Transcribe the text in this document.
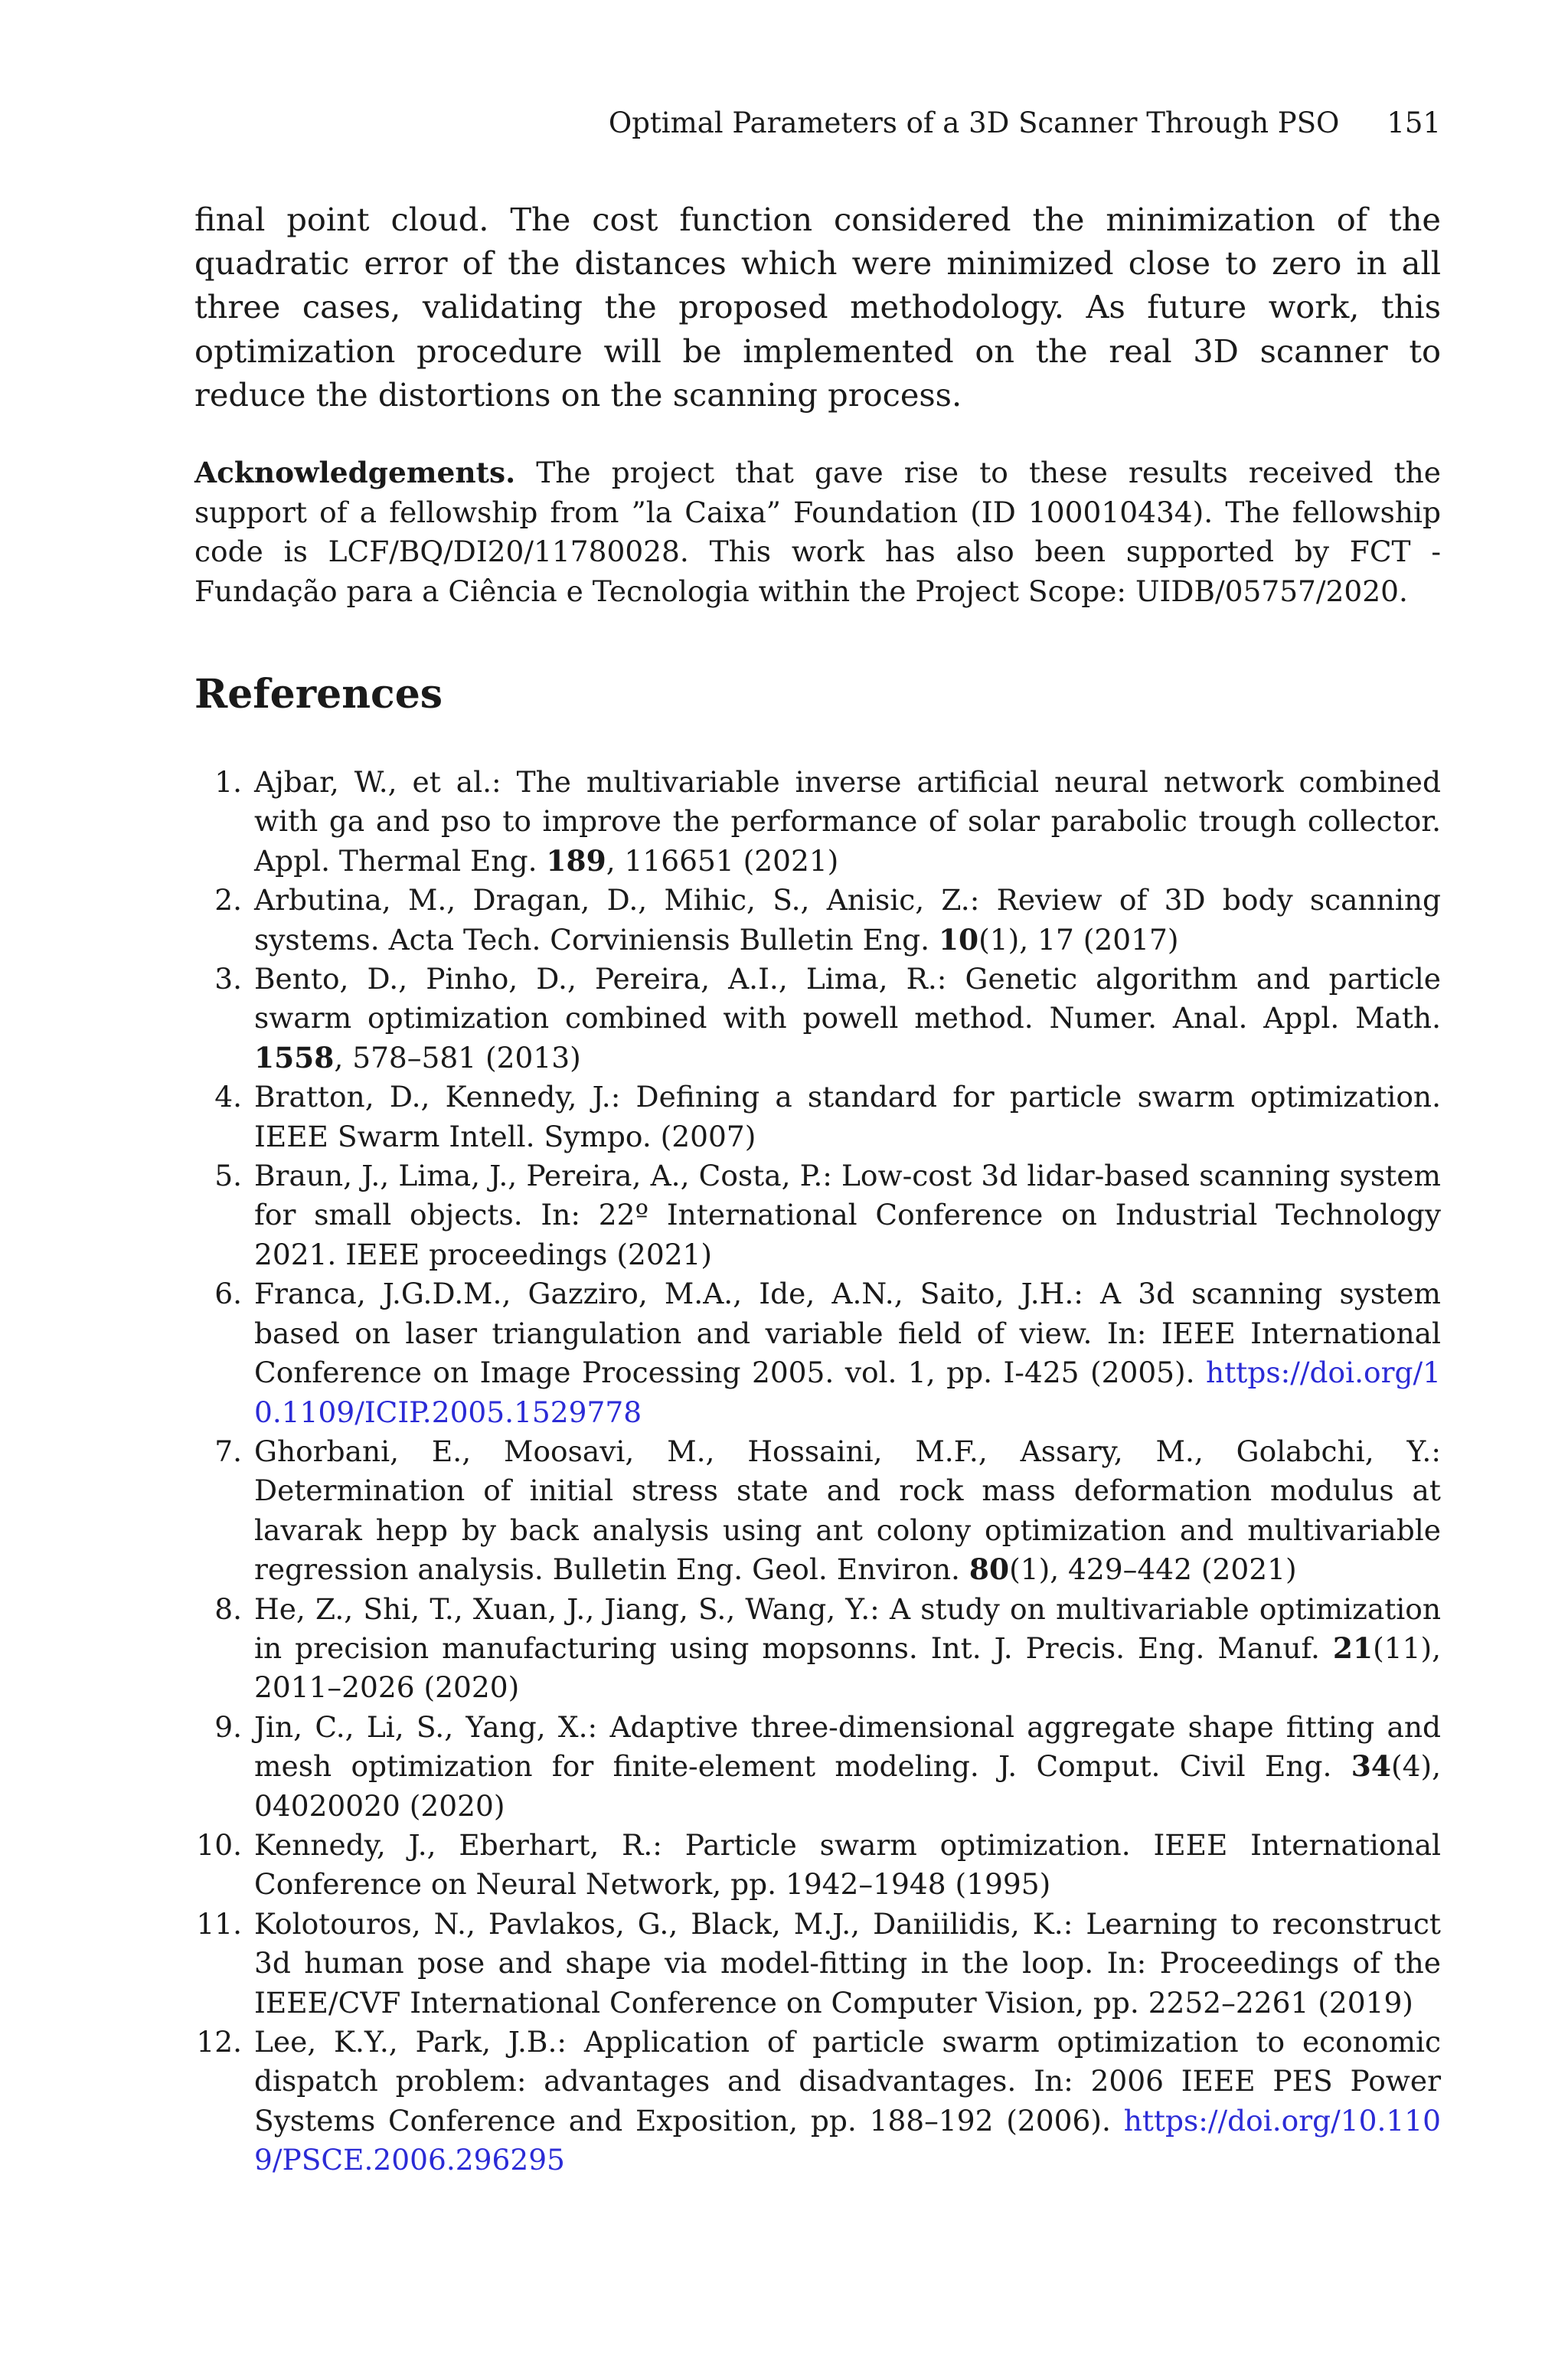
Optimal Parameters of a 3D Scanner Through PSO 151

final point cloud. The cost function considered the minimization of the quadratic error of the distances which were minimized close to zero in all three cases, validating the proposed methodology. As future work, this optimization procedure will be implemented on the real 3D scanner to reduce the distortions on the scanning process.

Acknowledgements. The project that gave rise to these results received the support of a fellowship from ”la Caixa” Foundation (ID 100010434). The fellowship code is LCF/BQ/DI20/11780028. This work has also been supported by FCT - Fundação para a Ciência e Tecnologia within the Project Scope: UIDB/05757/2020.

References
1. Ajbar, W., et al.: The multivariable inverse artificial neural network combined with ga and pso to improve the performance of solar parabolic trough collector. Appl. Thermal Eng. 189, 116651 (2021)
2. Arbutina, M., Dragan, D., Mihic, S., Anisic, Z.: Review of 3D body scanning systems. Acta Tech. Corviniensis Bulletin Eng. 10(1), 17 (2017)
3. Bento, D., Pinho, D., Pereira, A.I., Lima, R.: Genetic algorithm and particle swarm optimization combined with powell method. Numer. Anal. Appl. Math. 1558, 578–581 (2013)
4. Bratton, D., Kennedy, J.: Defining a standard for particle swarm optimization. IEEE Swarm Intell. Sympo. (2007)
5. Braun, J., Lima, J., Pereira, A., Costa, P.: Low-cost 3d lidar-based scanning system for small objects. In: 22º International Conference on Industrial Technology 2021. IEEE proceedings (2021)
6. Franca, J.G.D.M., Gazziro, M.A., Ide, A.N., Saito, J.H.: A 3d scanning system based on laser triangulation and variable field of view. In: IEEE International Conference on Image Processing 2005. vol. 1, pp. I-425 (2005). https://doi.org/10.1109/ICIP.2005.1529778
7. Ghorbani, E., Moosavi, M., Hossaini, M.F., Assary, M., Golabchi, Y.: Determination of initial stress state and rock mass deformation modulus at lavarak hepp by back analysis using ant colony optimization and multivariable regression analysis. Bulletin Eng. Geol. Environ. 80(1), 429–442 (2021)
8. He, Z., Shi, T., Xuan, J., Jiang, S., Wang, Y.: A study on multivariable optimization in precision manufacturing using mopsonns. Int. J. Precis. Eng. Manuf. 21(11), 2011–2026 (2020)
9. Jin, C., Li, S., Yang, X.: Adaptive three-dimensional aggregate shape fitting and mesh optimization for finite-element modeling. J. Comput. Civil Eng. 34(4), 04020020 (2020)
10. Kennedy, J., Eberhart, R.: Particle swarm optimization. IEEE International Conference on Neural Network, pp. 1942–1948 (1995)
11. Kolotouros, N., Pavlakos, G., Black, M.J., Daniilidis, K.: Learning to reconstruct 3d human pose and shape via model-fitting in the loop. In: Proceedings of the IEEE/CVF International Conference on Computer Vision, pp. 2252–2261 (2019)
12. Lee, K.Y., Park, J.B.: Application of particle swarm optimization to economic dispatch problem: advantages and disadvantages. In: 2006 IEEE PES Power Systems Conference and Exposition, pp. 188–192 (2006). https://doi.org/10.1109/PSCE.2006.296295
